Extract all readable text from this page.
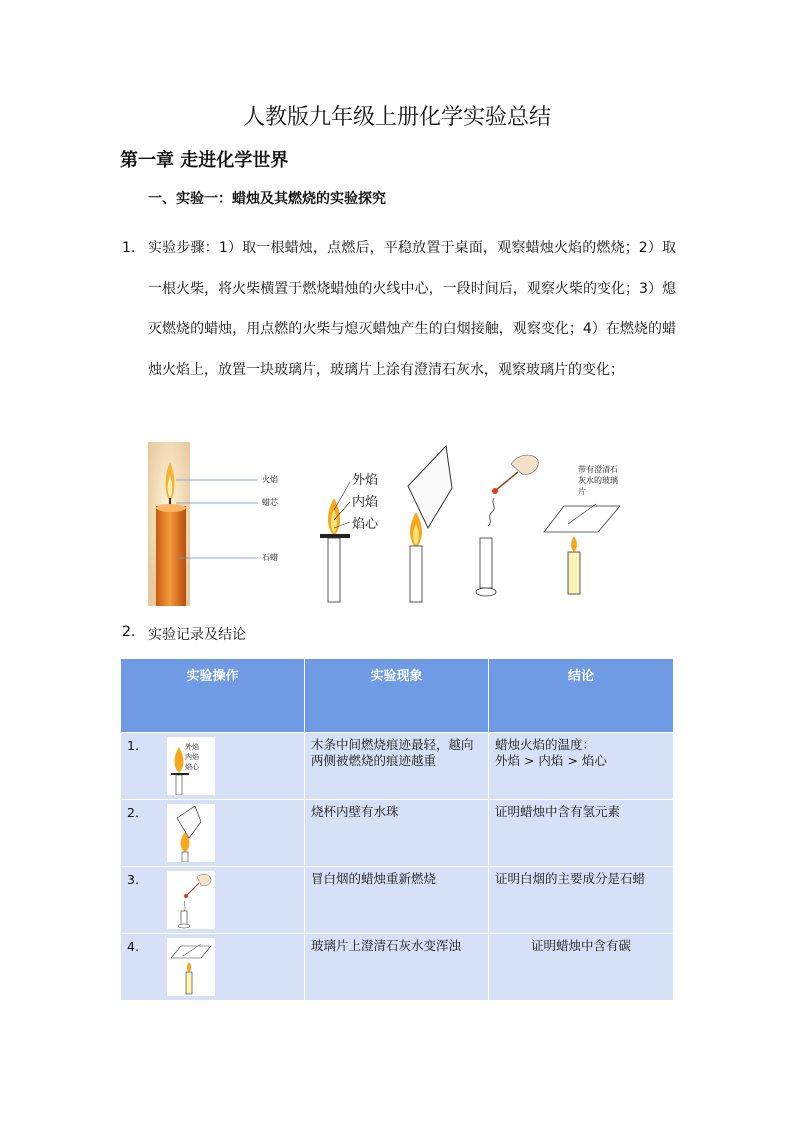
人教版九年级上册化学实验总结
第一章 走进化学世界
一、实验一：蜡烛及其燃烧的实验探究
1. 实验步骤：1）取一根蜡烛，点燃后，平稳放置于桌面，观察蜡烛火焰的燃烧；2）取一根火柴，将火柴横置于燃烧蜡烛的火线中心，一段时间后，观察火柴的变化；3）熄灭燃烧的蜡烛，用点燃的火柴与熄灭蜡烛产生的白烟接触，观察变化；4）在燃烧的蜡烛火焰上，放置一块玻璃片，玻璃片上涂有澄清石灰水，观察玻璃片的变化；

火焰
蜡芯
石蜡
外焰
内焰
焰心
带有澄清石
灰水的玻璃
片
2. 实验记录及结论

实验操作	实验现象	结论

1. 外焰
内焰
焰心	木条中间燃烧痕迹最轻，越向两侧被燃烧的痕迹越重	蜡烛火焰的温度：
外焰 > 内焰 > 焰心

2.	烧杯内壁有水珠	证明蜡烛中含有氢元素

3.	冒白烟的蜡烛重新燃烧	证明白烟的主要成分是石蜡

4.	玻璃片上澄清石灰水变浑浊	证明蜡烛中含有碳
